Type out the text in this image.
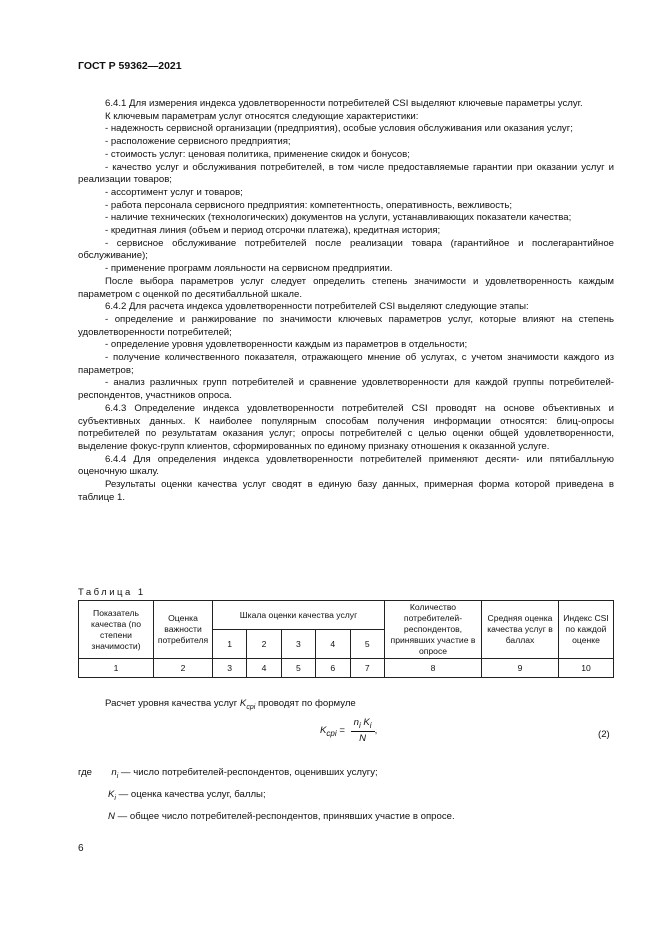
ГОСТ Р 59362—2021

6.4.1 Для измерения индекса удовлетворенности потребителей CSI выделяют ключевые параметры услуг.

К ключевым параметрам услуг относятся следующие характеристики:

- надежность сервисной организации (предприятия), особые условия обслуживания или оказания услуг;

- расположение сервисного предприятия;

- стоимость услуг: ценовая политика, применение скидок и бонусов;

- качество услуг и обслуживания потребителей, в том числе предоставляемые гарантии при оказании услуг и реализации товаров;

- ассортимент услуг и товаров;

- работа персонала сервисного предприятия: компетентность, оперативность, вежливость;

- наличие технических (технологических) документов на услуги, устанавливающих показатели качества;

- кредитная линия (объем и период отсрочки платежа), кредитная история;

- сервисное обслуживание потребителей после реализации товара (гарантийное и послегарантийное обслуживание);

- применение программ лояльности на сервисном предприятии.

После выбора параметров услуг следует определить степень значимости и удовлетворенность каждым параметром с оценкой по десятибалльной шкале.

6.4.2 Для расчета индекса удовлетворенности потребителей CSI выделяют следующие этапы:

- определение и ранжирование по значимости ключевых параметров услуг, которые влияют на степень удовлетворенности потребителей;

- определение уровня удовлетворенности каждым из параметров в отдельности;

- получение количественного показателя, отражающего мнение об услугах, с учетом значимости каждого из параметров;

- анализ различных групп потребителей и сравнение удовлетворенности для каждой группы потребителей-респондентов, участников опроса.

6.4.3 Определение индекса удовлетворенности потребителей CSI проводят на основе объективных и субъективных данных. К наиболее популярным способам получения информации относятся: блиц-опросы потребителей по результатам оказания услуг; опросы потребителей с целью оценки общей удовлетворенности, выделение фокус-групп клиентов, сформированных по единому признаку отношения к оказанной услуге.

6.4.4 Для определения индекса удовлетворенности потребителей применяют десяти- или пятибалльную оценочную шкалу.

Результаты оценки качества услуг сводят в единую базу данных, примерная форма которой приведена в таблице 1.

Таблица 1
Показатель качества (по степени значимости)	Оценка важности потребителя	Шкала оценки качества услуг					Количество потребителей-респондентов, принявших участие в опросе	Средняя оценка качества услуг в баллах	Индекс CSI по каждой оценке
		1	2	3	4	5			
1	2	3	4	5	6	7	8	9	10
Расчет уровня качества услуг $K_{срi}$ проводят по формуле
$K_{срi} = \frac{n_i K_i}{N}$ ,	(2)
где $n_i$ — число потребителей-респондентов, оценивших услугу;
$K_i$ — оценка качества услуг, баллы;
N — общее число потребителей-респондентов, принявших участие в опросе.
6
